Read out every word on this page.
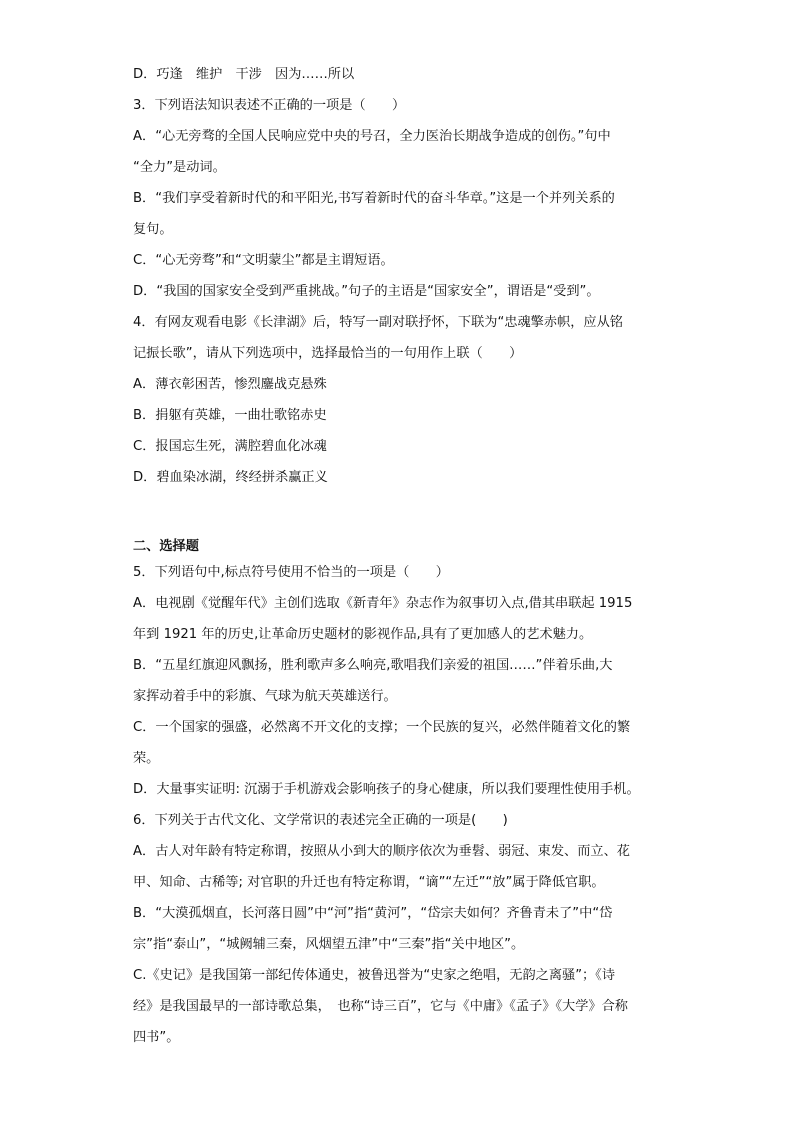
D．巧逢　维护　干涉　因为……所以
3．下列语法知识表述不正确的一项是（　　）
A．“心无旁骛的全国人民响应党中央的号召，全力医治长期战争造成的创伤。”句中
“全力”是动词。
B．“我们享受着新时代的和平阳光,书写着新时代的奋斗华章。”这是一个并列关系的
复句。
C．“心无旁骛”和“文明蒙尘”都是主谓短语。
D．“我国的国家安全受到严重挑战。”句子的主语是“国家安全”，谓语是“受到”。
4．有网友观看电影《长津湖》后，特写一副对联抒怀，下联为“忠魂擎赤帜，应从铭
记振长歌”，请从下列选项中，选择最恰当的一句用作上联（　　）
A．薄衣彰困苦，惨烈鏖战克悬殊
B．捐躯有英雄，一曲壮歌铭赤史
C．报国忘生死，满腔碧血化冰魂
D．碧血染冰湖，终经拼杀赢正义
二、选择题
5．下列语句中,标点符号使用不恰当的一项是（　　）
A．电视剧《觉醒年代》主创们选取《新青年》杂志作为叙事切入点,借其串联起 1915
年到 1921 年的历史,让革命历史题材的影视作品,具有了更加感人的艺术魅力。
B．“五星红旗迎风飘扬，胜利歌声多么响亮,歌唱我们亲爱的祖国……”伴着乐曲,大
家挥动着手中的彩旗、气球为航天英雄送行。
C．一个国家的强盛，必然离不开文化的支撑；一个民族的复兴，必然伴随着文化的繁
荣。
D．大量事实证明: 沉溺于手机游戏会影响孩子的身心健康，所以我们要理性使用手机。
6．下列关于古代文化、文学常识的表述完全正确的一项是(　　)
A．古人对年龄有特定称谓，按照从小到大的顺序依次为垂髫、弱冠、束发、而立、花
甲、知命、古稀等; 对官职的升迁也有特定称谓，“谪”“左迁”“放”属于降低官职。
B．“大漠孤烟直，长河落日圆”中“河”指“黄河”，“岱宗夫如何？齐鲁青未了”中“岱
宗”指“泰山”，“城阙辅三秦，风烟望五津”中“三秦”指“关中地区”。
C.《史记》是我国第一部纪传体通史，被鲁迅誉为“史家之绝唱，无韵之离骚”；《诗
经》是我国最早的一部诗歌总集，　也称“诗三百”，它与《中庸》《孟子》《大学》合称
四书”。
